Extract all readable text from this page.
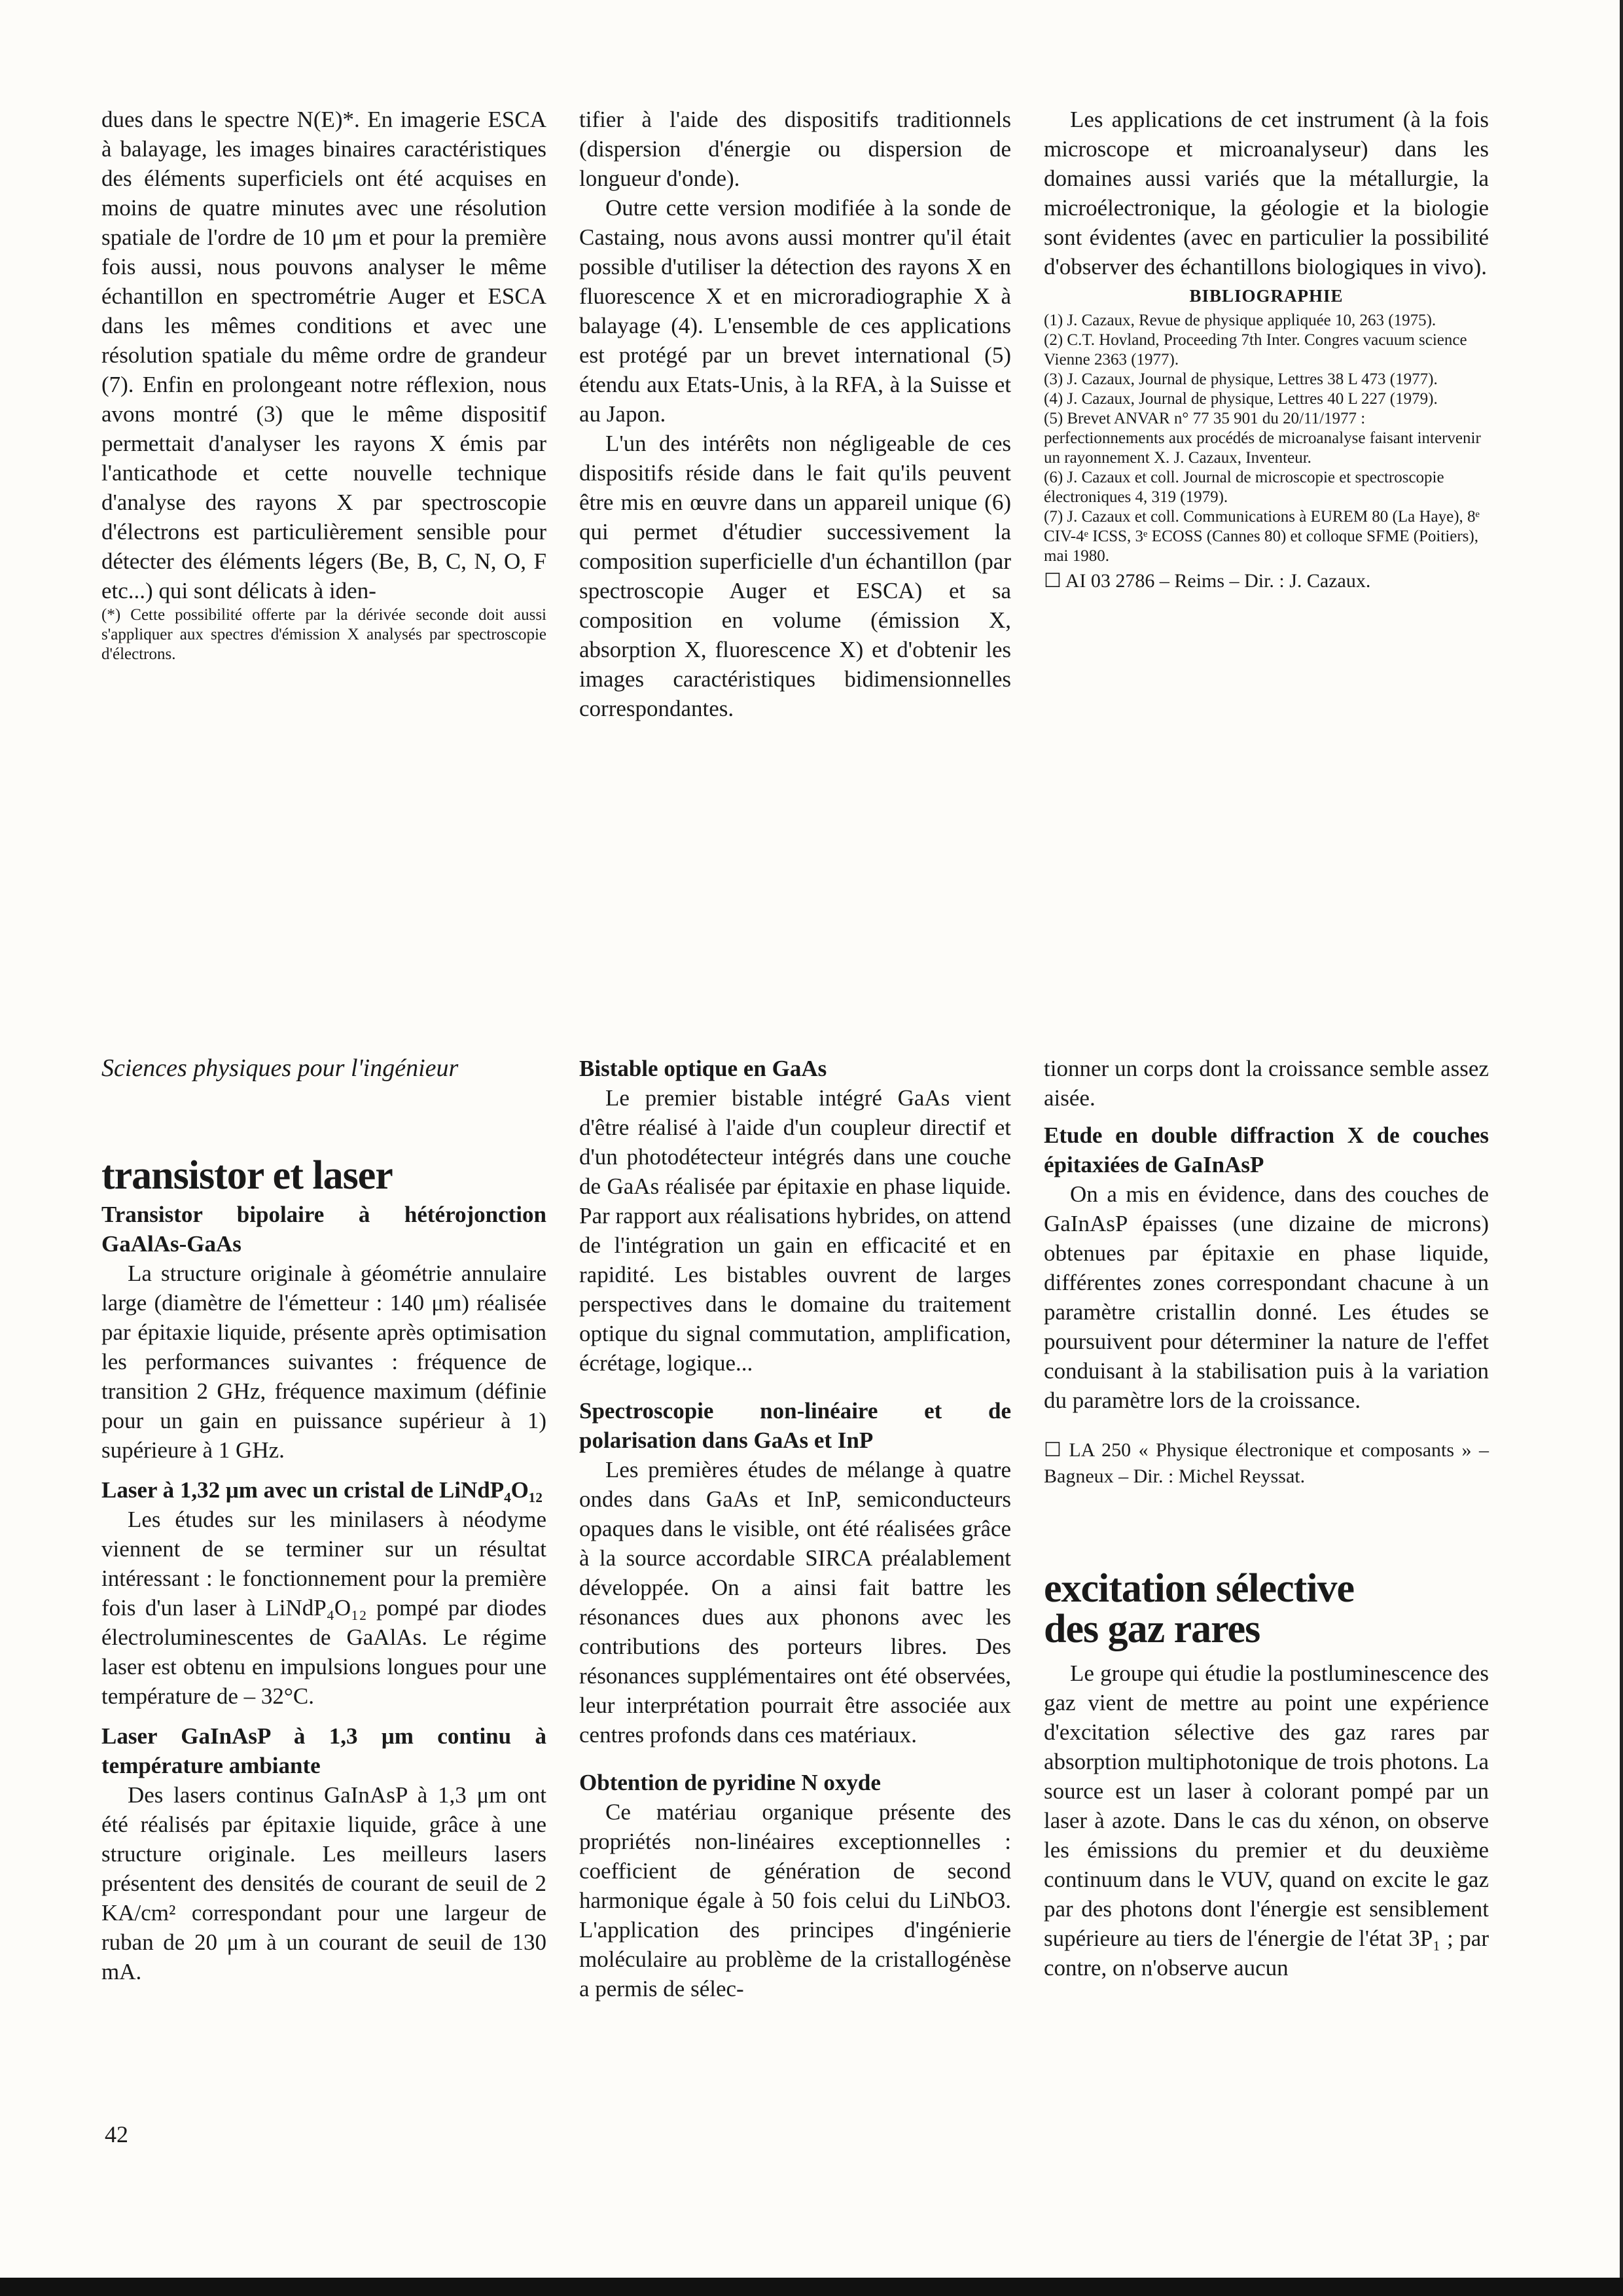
dues dans le spectre N(E)*. En imagerie ESCA à balayage, les images binaires caractéristiques des éléments superficiels ont été acquises en moins de quatre minutes avec une résolution spatiale de l'ordre de 10 μm et pour la première fois aussi, nous pouvons analyser le même échantillon en spectrométrie Auger et ESCA dans les mêmes conditions et avec une résolution spatiale du même ordre de grandeur (7). Enfin en prolongeant notre réflexion, nous avons montré (3) que le même dispositif permettait d'analyser les rayons X émis par l'anticathode et cette nouvelle technique d'analyse des rayons X par spectroscopie d'électrons est particulièrement sensible pour détecter des éléments légers (Be, B, C, N, O, F etc...) qui sont délicats à iden-

(*) Cette possibilité offerte par la dérivée seconde doit aussi s'appliquer aux spectres d'émission X analysés par spectroscopie d'électrons.

tifier à l'aide des dispositifs traditionnels (dispersion d'énergie ou dispersion de longueur d'onde).

Outre cette version modifiée à la sonde de Castaing, nous avons aussi montrer qu'il était possible d'utiliser la détection des rayons X en fluorescence X et en microradiographie X à balayage (4). L'ensemble de ces applications est protégé par un brevet international (5) étendu aux Etats-Unis, à la RFA, à la Suisse et au Japon.

L'un des intérêts non négligeable de ces dispositifs réside dans le fait qu'ils peuvent être mis en œuvre dans un appareil unique (6) qui permet d'étudier successivement la composition superficielle d'un échantillon (par spectroscopie Auger et ESCA) et sa composition en volume (émission X, absorption X, fluorescence X) et d'obtenir les images caractéristiques bidimensionnelles correspondantes.

Les applications de cet instrument (à la fois microscope et microanalyseur) dans les domaines aussi variés que la métallurgie, la microélectronique, la géologie et la biologie sont évidentes (avec en particulier la possibilité d'observer des échantillons biologiques in vivo).

BIBLIOGRAPHIE

(1) J. Cazaux, Revue de physique appliquée 10, 263 (1975).
(2) C.T. Hovland, Proceeding 7th Inter. Congres vacuum science Vienne 2363 (1977).
(3) J. Cazaux, Journal de physique, Lettres 38 L 473 (1977).
(4) J. Cazaux, Journal de physique, Lettres 40 L 227 (1979).
(5) Brevet ANVAR n° 77 35 901 du 20/11/1977 : perfectionnements aux procédés de microanalyse faisant intervenir un rayonnement X. J. Cazaux, Inventeur.
(6) J. Cazaux et coll. Journal de microscopie et spectroscopie électroniques 4, 319 (1979).
(7) J. Cazaux et coll. Communications à EUREM 80 (La Haye), 8ᵉ CIV-4ᵉ ICSS, 3ᵉ ECOSS (Cannes 80) et colloque SFME (Poitiers), mai 1980.

☐ AI 03 2786 – Reims – Dir. : J. Cazaux.

Sciences physiques pour l'ingénieur

transistor et laser

Transistor bipolaire à hétérojonction GaAlAs-GaAs

La structure originale à géométrie annulaire large (diamètre de l'émetteur : 140 μm) réalisée par épitaxie liquide, présente après optimisation les performances suivantes : fréquence de transition 2 GHz, fréquence maximum (définie pour un gain en puissance supérieur à 1) supérieure à 1 GHz.

Laser à 1,32 μm avec un cristal de LiNdP₄O₁₂

Les études sur les minilasers à néodyme viennent de se terminer sur un résultat intéressant : le fonctionnement pour la première fois d'un laser à LiNdP₄O₁₂ pompé par diodes électroluminescentes de GaAlAs. Le régime laser est obtenu en impulsions longues pour une température de – 32°C.

Laser GaInAsP à 1,3 μm continu à température ambiante

Des lasers continus GaInAsP à 1,3 μm ont été réalisés par épitaxie liquide, grâce à une structure originale. Les meilleurs lasers présentent des densités de courant de seuil de 2 KA/cm² correspondant pour une largeur de ruban de 20 μm à un courant de seuil de 130 mA.

Bistable optique en GaAs

Le premier bistable intégré GaAs vient d'être réalisé à l'aide d'un coupleur directif et d'un photodétecteur intégrés dans une couche de GaAs réalisée par épitaxie en phase liquide. Par rapport aux réalisations hybrides, on attend de l'intégration un gain en efficacité et en rapidité. Les bistables ouvrent de larges perspectives dans le domaine du traitement optique du signal commutation, amplification, écrétage, logique...

Spectroscopie non-linéaire et de polarisation dans GaAs et InP

Les premières études de mélange à quatre ondes dans GaAs et InP, semiconducteurs opaques dans le visible, ont été réalisées grâce à la source accordable SIRCA préalablement développée. On a ainsi fait battre les résonances dues aux phonons avec les contributions des porteurs libres. Des résonances supplémentaires ont été observées, leur interprétation pourrait être associée aux centres profonds dans ces matériaux.

Obtention de pyridine N oxyde

Ce matériau organique présente des propriétés non-linéaires exceptionnelles : coefficient de génération de second harmonique égale à 50 fois celui du LiNbO3. L'application des principes d'ingénierie moléculaire au problème de la cristallogénèse a permis de sélec-

tionner un corps dont la croissance semble assez aisée.

Etude en double diffraction X de couches épitaxiées de GaInAsP

On a mis en évidence, dans des couches de GaInAsP épaisses (une dizaine de microns) obtenues par épitaxie en phase liquide, différentes zones correspondant chacune à un paramètre cristallin donné. Les études se poursuivent pour déterminer la nature de l'effet conduisant à la stabilisation puis à la variation du paramètre lors de la croissance.

☐ LA 250 « Physique électronique et composants » – Bagneux – Dir. : Michel Reyssat.

excitation sélective des gaz rares

Le groupe qui étudie la postluminescence des gaz vient de mettre au point une expérience d'excitation sélective des gaz rares par absorption multiphotonique de trois photons. La source est un laser à colorant pompé par un laser à azote. Dans le cas du xénon, on observe les émissions du premier et du deuxième continuum dans le VUV, quand on excite le gaz par des photons dont l'énergie est sensiblement supérieure au tiers de l'énergie de l'état 3P₁ ; par contre, on n'observe aucun

42
